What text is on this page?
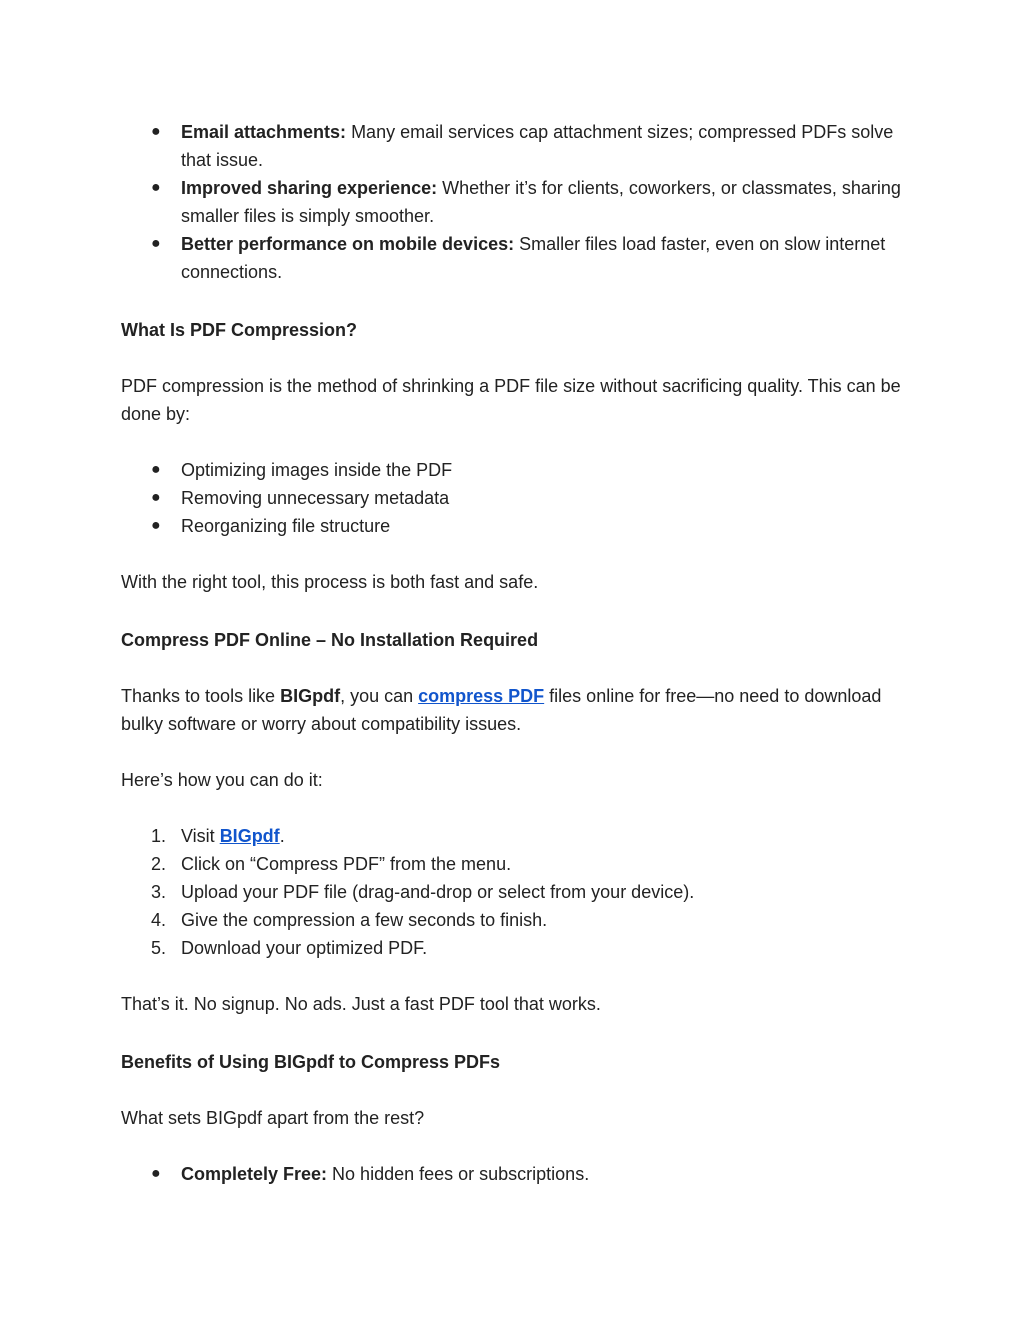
● Email attachments: Many email services cap attachment sizes; compressed PDFs solve that issue.
● Improved sharing experience: Whether it’s for clients, coworkers, or classmates, sharing smaller files is simply smoother.
● Better performance on mobile devices: Smaller files load faster, even on slow internet connections.
What Is PDF Compression?

PDF compression is the method of shrinking a PDF file size without sacrificing quality. This can be done by:

● Optimizing images inside the PDF
● Removing unnecessary metadata
● Reorganizing file structure

With the right tool, this process is both fast and safe.

Compress PDF Online – No Installation Required

Thanks to tools like BIGpdf, you can compress PDF files online for free—no need to download bulky software or worry about compatibility issues.

Here’s how you can do it:

1. Visit BIGpdf.
2. Click on “Compress PDF” from the menu.
3. Upload your PDF file (drag-and-drop or select from your device).
4. Give the compression a few seconds to finish.
5. Download your optimized PDF.

That’s it. No signup. No ads. Just a fast PDF tool that works.

Benefits of Using BIGpdf to Compress PDFs

What sets BIGpdf apart from the rest?

● Completely Free: No hidden fees or subscriptions.
